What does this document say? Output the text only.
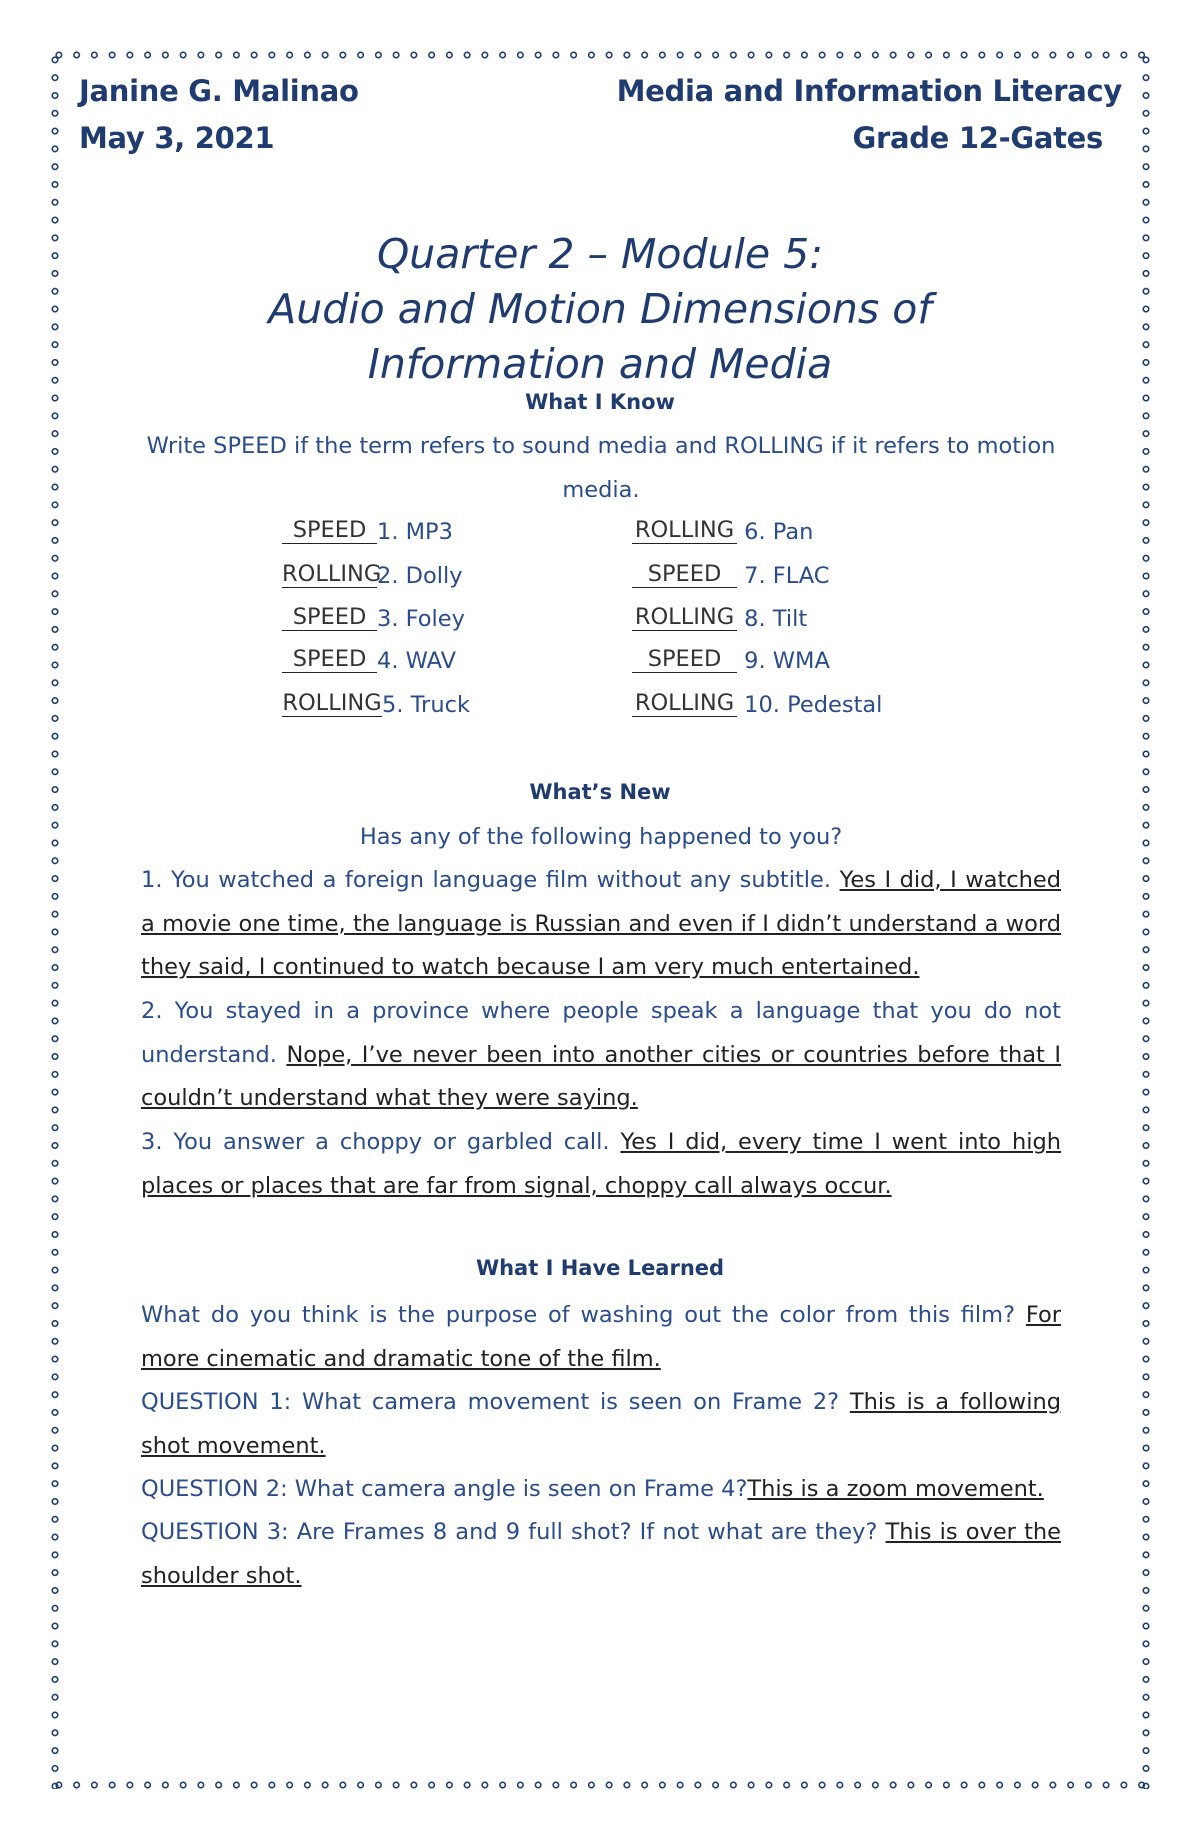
Janine G. Malinao
May 3, 2021
Media and Information Literacy
Grade 12-Gates
Quarter 2 – Module 5:
Audio and Motion Dimensions of
Information and Media
What I Know
Write SPEED if the term refers to sound media and ROLLING if it refers to motion media.
SPEED 1. MP3
ROLLING2. Dolly
SPEED 3. Foley
SPEED 4. WAV
ROLLING5. Truck
ROLLING 6. Pan
SPEED 7. FLAC
ROLLING 8. Tilt
SPEED 9. WMA
ROLLING 10. Pedestal
What’s New
Has any of the following happened to you?
1. You watched a foreign language film without any subtitle. Yes I did, I watched a movie one time, the language is Russian and even if I didn’t understand a word they said, I continued to watch because I am very much entertained.
2. You stayed in a province where people speak a language that you do not understand. Nope, I’ve never been into another cities or countries before that I couldn’t understand what they were saying.
3. You answer a choppy or garbled call. Yes I did, every time I went into high places or places that are far from signal, choppy call always occur.
What I Have Learned
What do you think is the purpose of washing out the color from this film? For more cinematic and dramatic tone of the film.
QUESTION 1: What camera movement is seen on Frame 2? This is a following shot movement.
QUESTION 2: What camera angle is seen on Frame 4?This is a zoom movement.
QUESTION 3: Are Frames 8 and 9 full shot? If not what are they? This is over the shoulder shot.
